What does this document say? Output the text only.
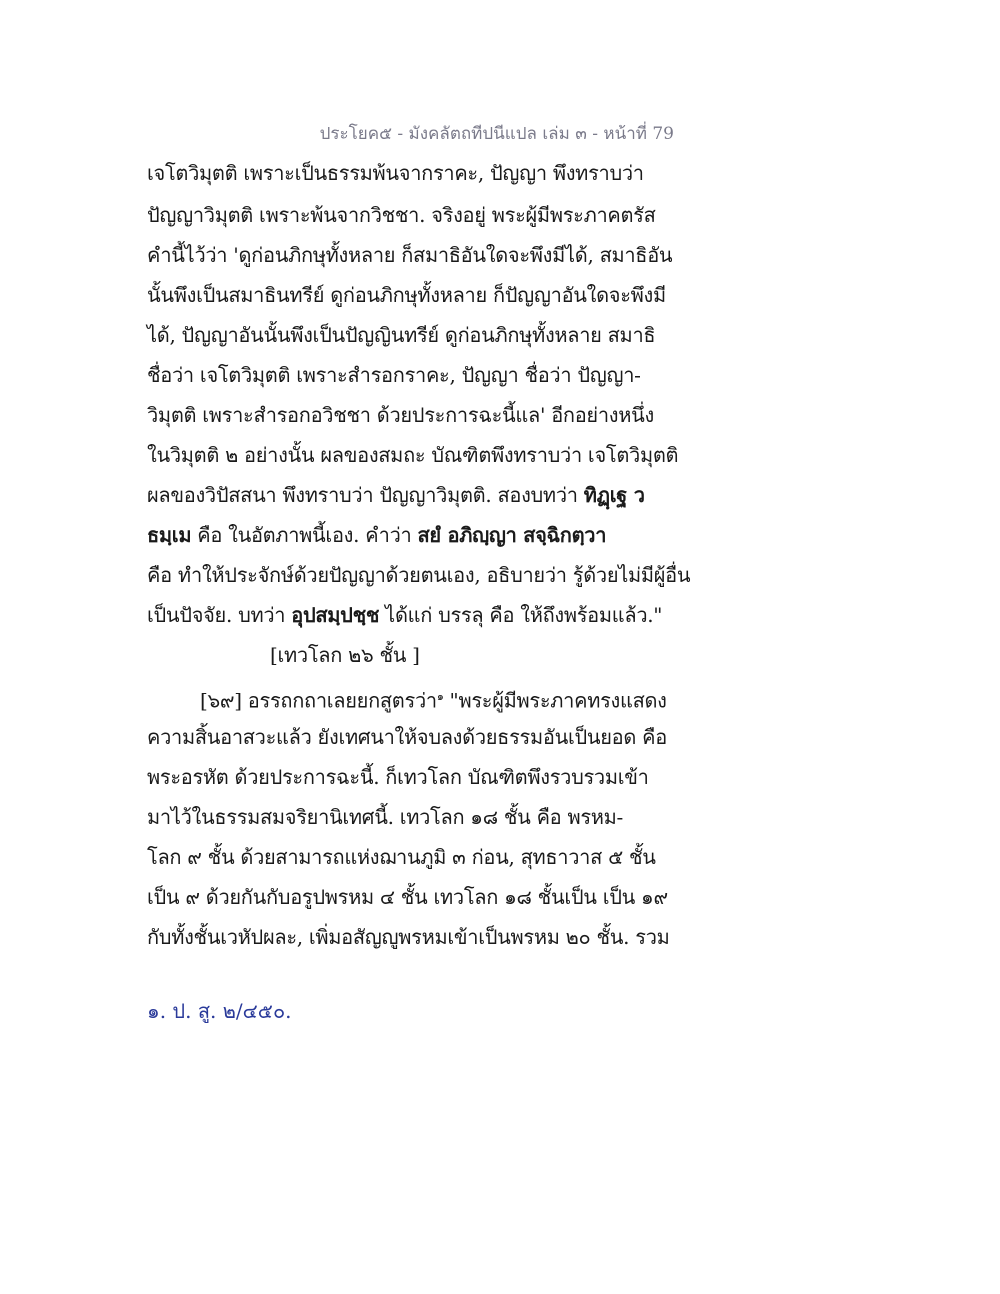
ประโยค๕ - มังคลัตถทีปนีแปล เล่ม ๓ - หน้าที่ 79
เจโตวิมุตติ เพราะเป็นธรรมพ้นจากราคะ, ปัญญา พึงทราบว่า
ปัญญาวิมุตติ เพราะพ้นจากวิชชา. จริงอยู่ พระผู้มีพระภาคตรัส
คำนี้ไว้ว่า 'ดูก่อนภิกษุทั้งหลาย ก็สมาธิอันใดจะพึงมีได้, สมาธิอัน
นั้นพึงเป็นสมาธินทรีย์ ดูก่อนภิกษุทั้งหลาย ก็ปัญญาอันใดจะพึงมี
ได้, ปัญญาอันนั้นพึงเป็นปัญญินทรีย์ ดูก่อนภิกษุทั้งหลาย สมาธิ
ชื่อว่า เจโตวิมุตติ เพราะสำรอกราคะ, ปัญญา ชื่อว่า ปัญญา-
วิมุตติ เพราะสำรอกอวิชชา ด้วยประการฉะนี้แล' อีกอย่างหนึ่ง
ในวิมุตติ ๒ อย่างนั้น ผลของสมถะ บัณฑิตพึงทราบว่า เจโตวิมุตติ
ผลของวิปัสสนา พึงทราบว่า ปัญญาวิมุตติ. สองบทว่า ทิฏฺเฐ ว
ธมฺเม คือ ในอัตภาพนี้เอง. คำว่า สยํ อภิญฺญา สจฺฉิกตฺวา
คือ ทำให้ประจักษ์ด้วยปัญญาด้วยตนเอง, อธิบายว่า รู้ด้วยไม่มีผู้อื่น
เป็นปัจจัย. บทว่า อุปสมฺปชฺช ได้แก่ บรรลุ คือ ให้ถึงพร้อมแล้ว."
[เทวโลก ๒๖ ชั้น ]
[๖๙] อรรถกถาเลยยกสูตรว่า$^๑$ "พระผู้มีพระภาคทรงแสดง
ความสิ้นอาสวะแล้ว ยังเทศนาให้จบลงด้วยธรรมอันเป็นยอด คือ
พระอรหัต ด้วยประการฉะนี้. ก็เทวโลก บัณฑิตพึงรวบรวมเข้า
มาไว้ในธรรมสมจริยานิเทศนี้. เทวโลก ๑๘ ชั้น คือ พรหม-
โลก ๙ ชั้น ด้วยสามารถแห่งฌานภูมิ ๓ ก่อน, สุทธาวาส ๕ ชั้น
เป็น ๙ ด้วยกันกับอรูปพรหม ๔ ชั้น เทวโลก ๑๘ ชั้นเป็น เป็น ๑๙
กับทั้งชั้นเวหัปผละ, เพิ่มอสัญญูพรหมเข้าเป็นพรหม ๒๐ ชั้น. รวม
๑. ป. สู. ๒/๔๕๐.
